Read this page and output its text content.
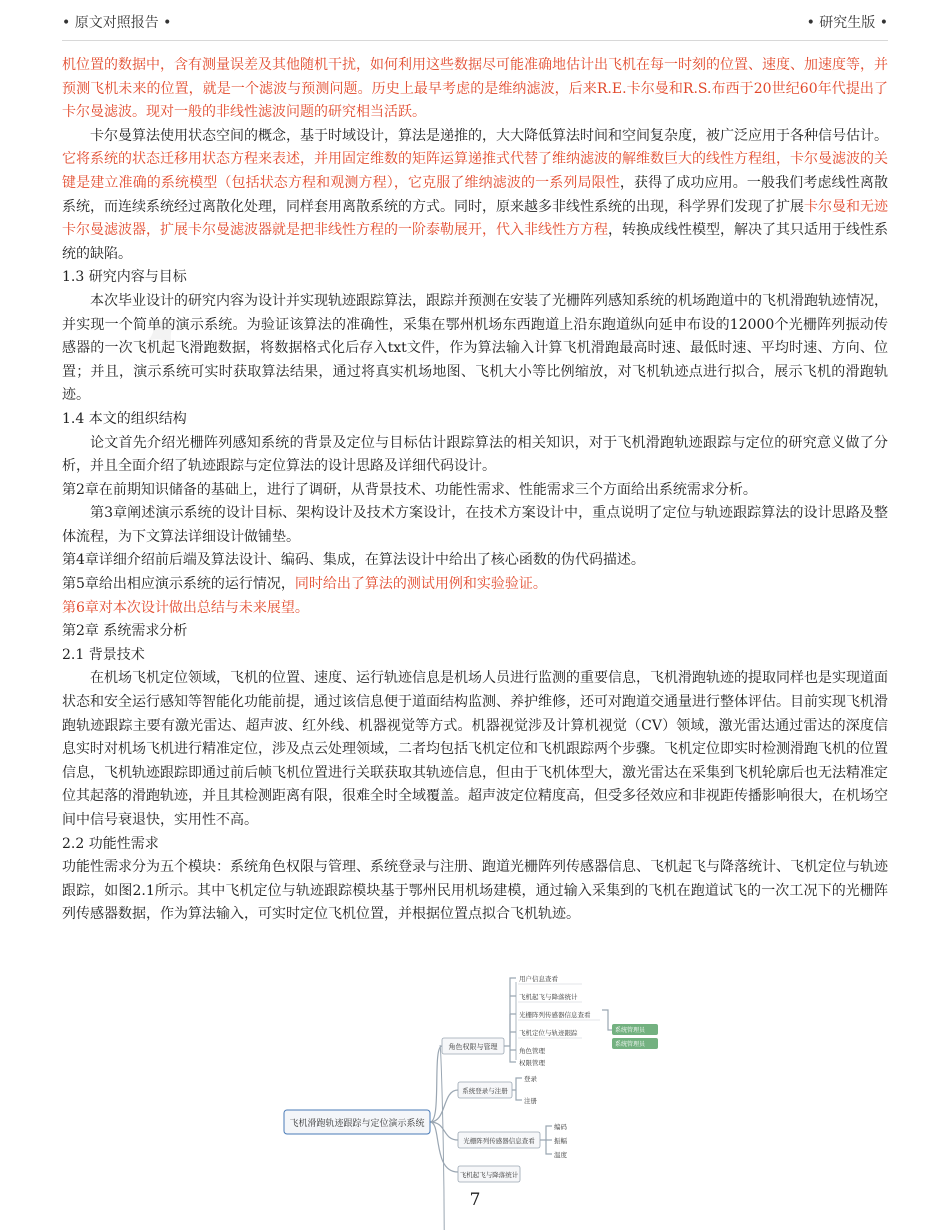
• 原文对照报告 •	• 研究生版 •
✦

机位置的数据中，含有测量误差及其他随机干扰，如何利用这些数据尽可能准确地估计出飞机在每一时刻的位置、速度、加速度等，并预测飞机未来的位置，就是一个滤波与预测问题。历史上最早考虑的是维纳滤波，后来R.E.卡尔曼和R.S.布西于20世纪60年代提出了卡尔曼滤波。现对一般的非线性滤波问题的研究相当活跃。

卡尔曼算法使用状态空间的概念，基于时域设计，算法是递推的，大大降低算法时间和空间复杂度，被广泛应用于各种信号估计。它将系统的状态迁移用状态方程来表述，并用固定维数的矩阵运算递推式代替了维纳滤波的解维数巨大的线性方程组，卡尔曼滤波的关键是建立准确的系统模型（包括状态方程和观测方程），它克服了维纳滤波的一系列局限性，获得了成功应用。一般我们考虑线性离散系统，而连续系统经过离散化处理，同样套用离散系统的方式。同时，原来越多非线性系统的出现，科学界们发现了扩展卡尔曼和无迹卡尔曼滤波器，扩展卡尔曼滤波器就是把非线性方程的一阶泰勒展开，代入非线性方方程，转换成线性模型，解决了其只适用于线性系统的缺陷。

1.3 研究内容与目标

本次毕业设计的研究内容为设计并实现轨迹跟踪算法，跟踪并预测在安装了光栅阵列感知系统的机场跑道中的飞机滑跑轨迹情况，并实现一个简单的演示系统。为验证该算法的准确性，采集在鄂州机场东西跑道上沿东跑道纵向延申布设的12000个光栅阵列振动传感器的一次飞机起飞滑跑数据，将数据格式化后存入txt文件，作为算法输入计算飞机滑跑最高时速、最低时速、平均时速、方向、位置；并且，演示系统可实时获取算法结果，通过将真实机场地图、飞机大小等比例缩放，对飞机轨迹点进行拟合，展示飞机的滑跑轨迹。

1.4 本文的组织结构

论文首先介绍光栅阵列感知系统的背景及定位与目标估计跟踪算法的相关知识，对于飞机滑跑轨迹跟踪与定位的研究意义做了分析，并且全面介绍了轨迹跟踪与定位算法的设计思路及详细代码设计。

第2章在前期知识储备的基础上，进行了调研，从背景技术、功能性需求、性能需求三个方面给出系统需求分析。

第3章阐述演示系统的设计目标、架构设计及技术方案设计，在技术方案设计中，重点说明了定位与轨迹跟踪算法的设计思路及整体流程，为下文算法详细设计做铺垫。

第4章详细介绍前后端及算法设计、编码、集成，在算法设计中给出了核心函数的伪代码描述。

第5章给出相应演示系统的运行情况，同时给出了算法的测试用例和实验验证。

第6章对本次设计做出总结与未来展望。

第2章 系统需求分析

2.1 背景技术

在机场飞机定位领域，飞机的位置、速度、运行轨迹信息是机场人员进行监测的重要信息，飞机滑跑轨迹的提取同样也是实现道面状态和安全运行感知等智能化功能前提，通过该信息便于道面结构监测、养护维修，还可对跑道交通量进行整体评估。目前实现飞机滑跑轨迹跟踪主要有激光雷达、超声波、红外线、机器视觉等方式。机器视觉涉及计算机视觉（CV）领域，激光雷达通过雷达的深度信息实时对机场飞机进行精准定位，涉及点云处理领域，二者均包括飞机定位和飞机跟踪两个步骤。飞机定位即实时检测滑跑飞机的位置信息，飞机轨迹跟踪即通过前后帧飞机位置进行关联获取其轨迹信息，但由于飞机体型大，激光雷达在采集到飞机轮廓后也无法精准定位其起落的滑跑轨迹，并且其检测距离有限，很难全时全域覆盖。超声波定位精度高，但受多径效应和非视距传播影响很大，在机场空间中信号衰退快，实用性不高。

2.2 功能性需求

功能性需求分为五个模块：系统角色权限与管理、系统登录与注册、跑道光栅阵列传感器信息、飞机起飞与降落统计、飞机定位与轨迹跟踪，如图2.1所示。其中飞机定位与轨迹跟踪模块基于鄂州民用机场建模，通过输入采集到的飞机在跑道试飞的一次工况下的光栅阵列传感器数据，作为算法输入，可实时定位飞机位置，并根据位置点拟合飞机轨迹。

飞机滑跑轨迹跟踪与定位演示系统
角色权限与管理
用户信息查看
飞机起飞与降落统计
光栅阵列传感器信息查看
飞机定位与轨迹跟踪
角色管理
权限管理
系统管理员
系统管理员
系统登录与注册
登录
注册
光栅阵列传感器信息查看
编码
振幅
温度
飞机起飞与降落统计
7
